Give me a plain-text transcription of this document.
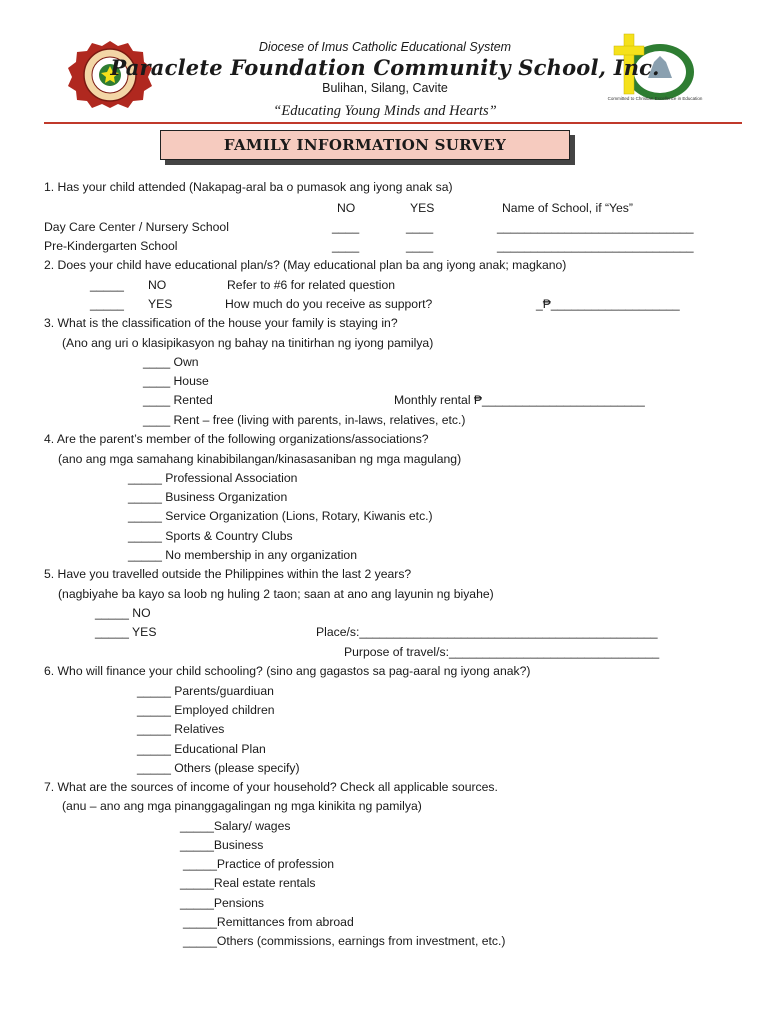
Committed to Christian Excellence in Education
Diocese of Imus Catholic Educational System
Paraclete Foundation Community School, Inc.
Bulihan, Silang, Cavite
“Educating Young Minds and Hearts”
FAMILY INFORMATION SURVEY
1. Has your child attended (Nakapag-aral ba o pumasok ang iyong anak sa)
NO	YES	Name of School, if “Yes”
Day Care Center / Nursery School	____	____	_____________________________
Pre-Kindergarten School	____	____	_____________________________
2. Does your child have educational plan/s? (May educational plan ba ang iyong anak; magkano)
_____ NO	Refer to #6 for related question
_____ YES	How much do you receive as support?	_₱___________________
3. What is the classification of the house your family is staying in?
(Ano ang uri o klasipikasyon ng bahay na tinitirhan ng iyong pamilya)
____ Own
____ House
____ Rented	Monthly rental ₱________________________
____ Rent – free (living with parents, in-laws, relatives, etc.)
4. Are the parent’s member of the following organizations/associations?
(ano ang mga samahang kinabibilangan/kinasasaniban ng mga magulang)
_____ Professional Association
_____ Business Organization
_____ Service Organization (Lions, Rotary, Kiwanis etc.)
_____ Sports & Country Clubs
_____ No membership in any organization
5. Have you travelled outside the Philippines within the last 2 years?
(nagbiyahe ba kayo sa loob ng huling 2 taon; saan at ano ang layunin ng biyahe)
_____ NO
_____ YES	Place/s:____________________________________________
Purpose of travel/s:_______________________________
6. Who will finance your child schooling? (sino ang gagastos sa pag-aaral ng iyong anak?)
_____ Parents/guardiuan
_____ Employed children
_____ Relatives
_____ Educational Plan
_____ Others (please specify)
7. What are the sources of income of your household? Check all applicable sources.
(anu – ano ang mga pinanggagalingan ng mga kinikita ng pamilya)
_____Salary/ wages
_____Business
_____Practice of profession
_____Real estate rentals
_____Pensions
_____Remittances from abroad
_____Others (commissions, earnings from investment, etc.)
